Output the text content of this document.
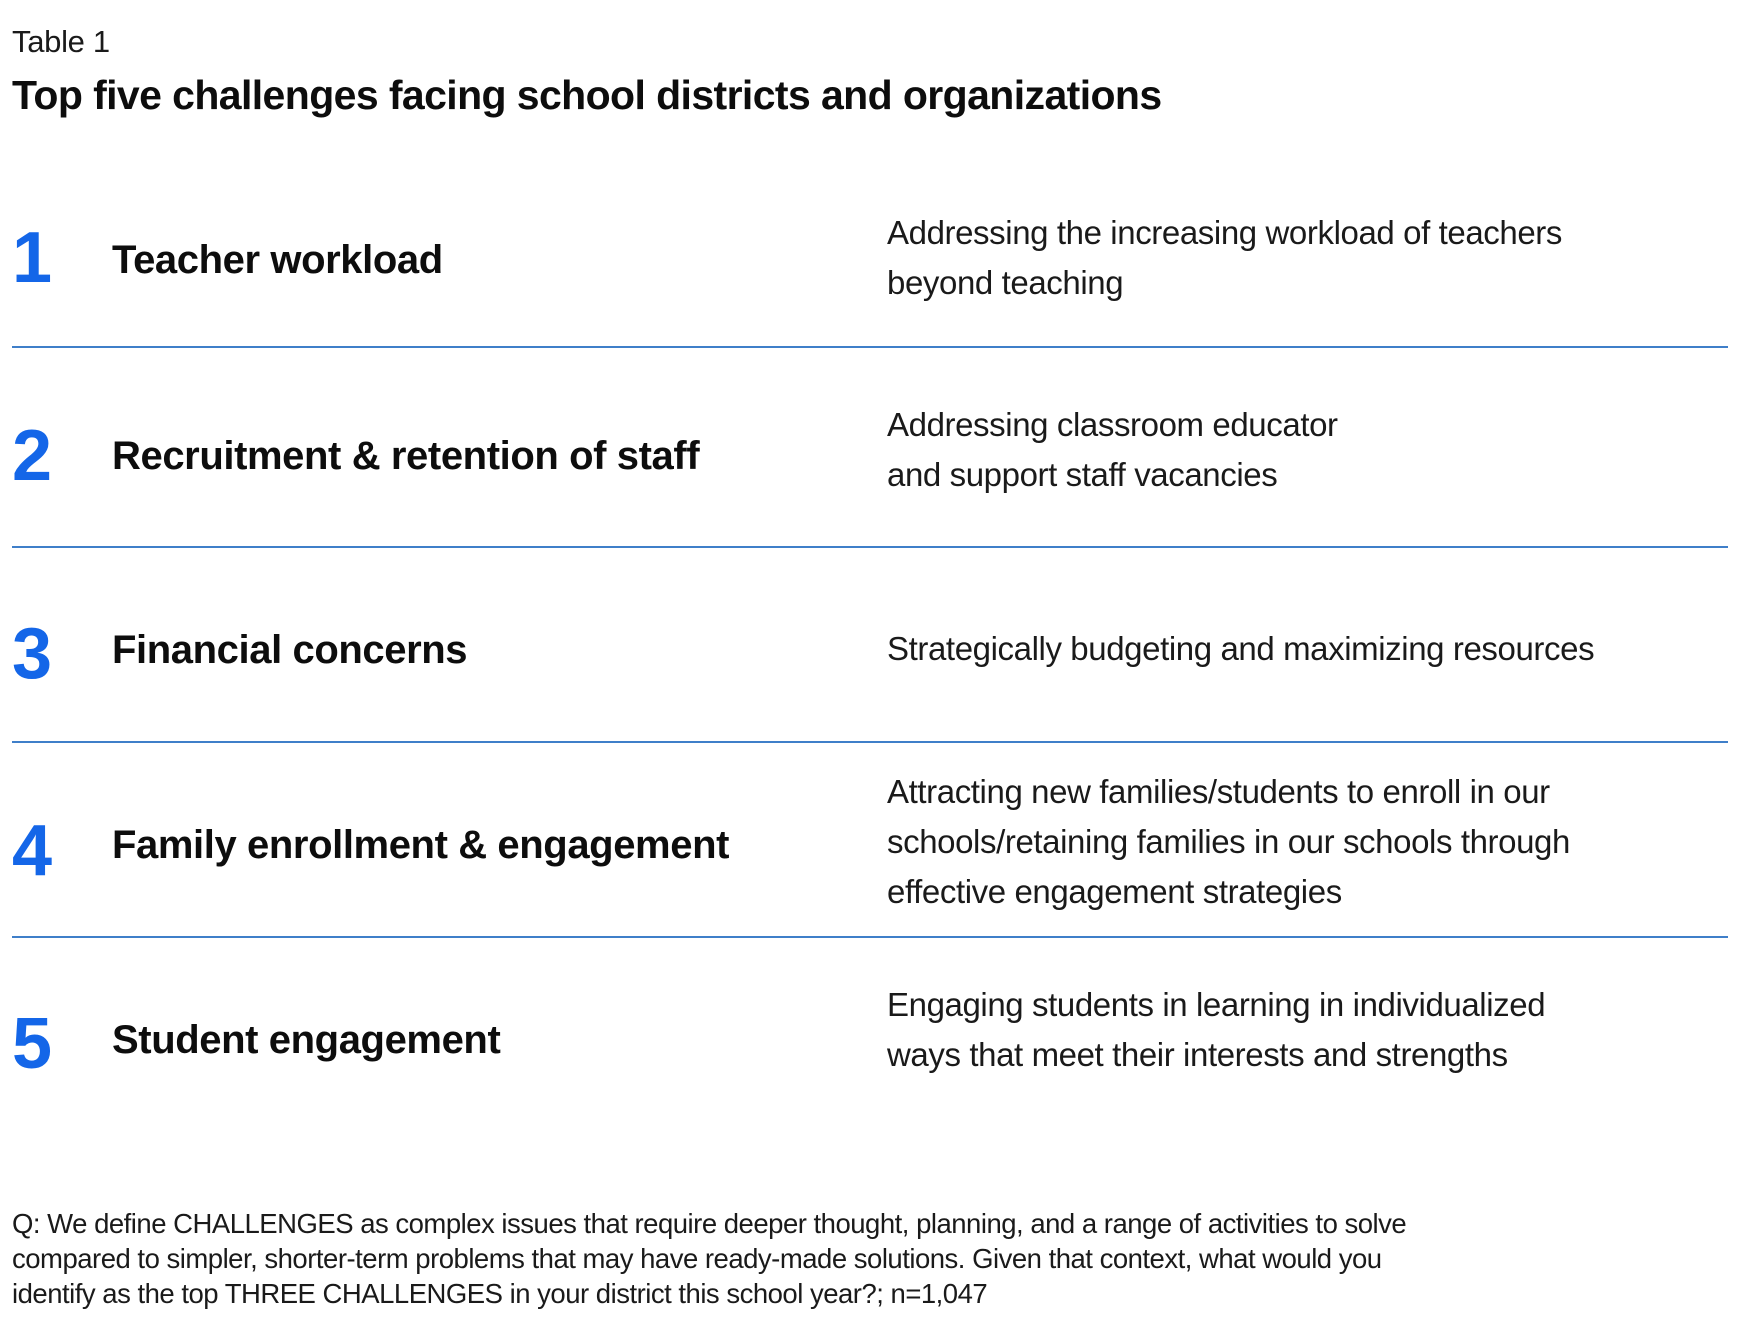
Table 1
Top five challenges facing school districts and organizations
1 Teacher workload
Addressing the increasing workload of teachers
beyond teaching
2 Recruitment & retention of staff
Addressing classroom educator
and support staff vacancies
3 Financial concerns	Strategically budgeting and maximizing resources
4 Family enrollment & engagement
Attracting new families/students to enroll in our
schools/retaining families in our schools through
effective engagement strategies
5 Student engagement
Engaging students in learning in individualized
ways that meet their interests and strengths
Q: We define CHALLENGES as complex issues that require deeper thought, planning, and a range of activities to solve
compared to simpler, shorter-term problems that may have ready-made solutions. Given that context, what would you
identify as the top THREE CHALLENGES in your district this school year?; n=1,047
